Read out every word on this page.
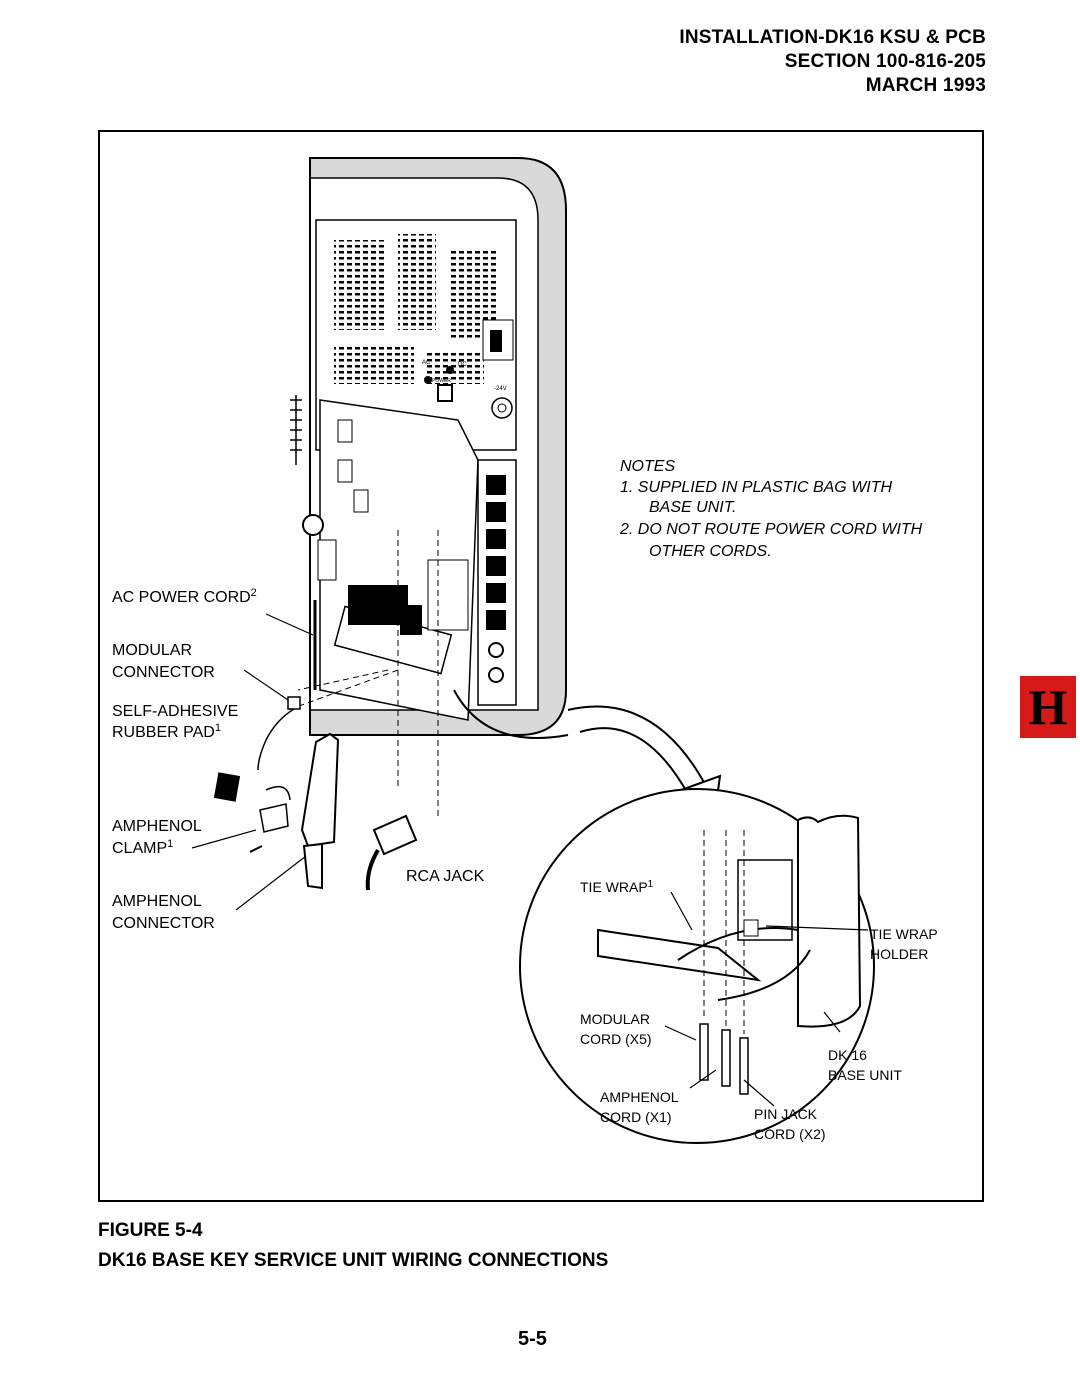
INSTALLATION-DK16 KSU & PCB
SECTION 100-816-205
MARCH 1993
AC	DC
POWER
-24V
NOTES
1. SUPPLIED IN PLASTIC BAG WITH
BASE UNIT.
2. DO NOT ROUTE POWER CORD WITH
OTHER CORDS.
AC POWER CORD$^2$
MODULAR
CONNECTOR
SELF-ADHESIVE
RUBBER PAD$^1$
AMPHENOL
CLAMP$^1$
AMPHENOL
CONNECTOR
RCA JACK
TIE WRAP$^1$
TIE WRAP
HOLDER
MODULAR
CORD (X5)
DK 16
BASE UNIT
AMPHENOL
CORD (X1)	PIN JACK
CORD (X2)
FIGURE 5-4
DK16 BASE KEY SERVICE UNIT WIRING CONNECTIONS
5-5
H
